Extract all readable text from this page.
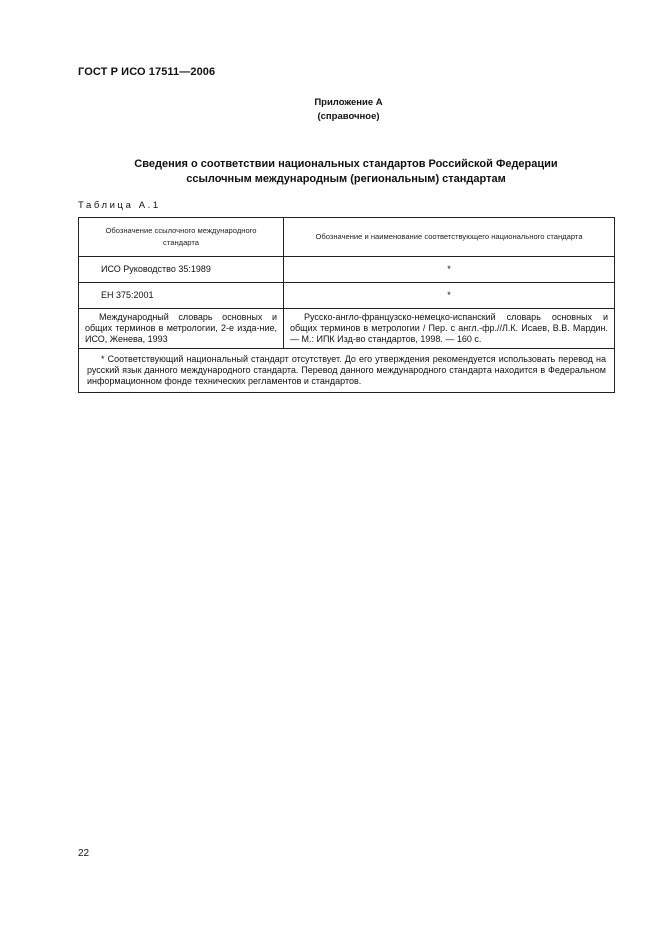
ГОСТ Р ИСО 17511—2006
Приложение А
(справочное)
Сведения о соответствии национальных стандартов Российской Федерации
ссылочным международным (региональным) стандартам
Таблица А.1
Обозначение ссылочного международного стандарта	Обозначение и наименование соответствующего национального стандарта
ИСО Руководство 35:1989	*
ЕН 375:2001	*
Международный словарь основных и общих терминов в метрологии, 2-е изда-ние, ИСО, Женева, 1993	Русско-англо-французско-немецко-испанский словарь основных и общих терминов в метрологии / Пер. с англ.-фр.//Л.К. Исаев, В.В. Мардин. — М.: ИПК Изд-во стандартов, 1998. — 160 с.
* Соответствующий национальный стандарт отсутствует. До его утверждения рекомендуется использовать перевод на русский язык данного международного стандарта. Перевод данного международного стандарта находится в Федеральном информационном фонде технических регламентов и стандартов.	
22
